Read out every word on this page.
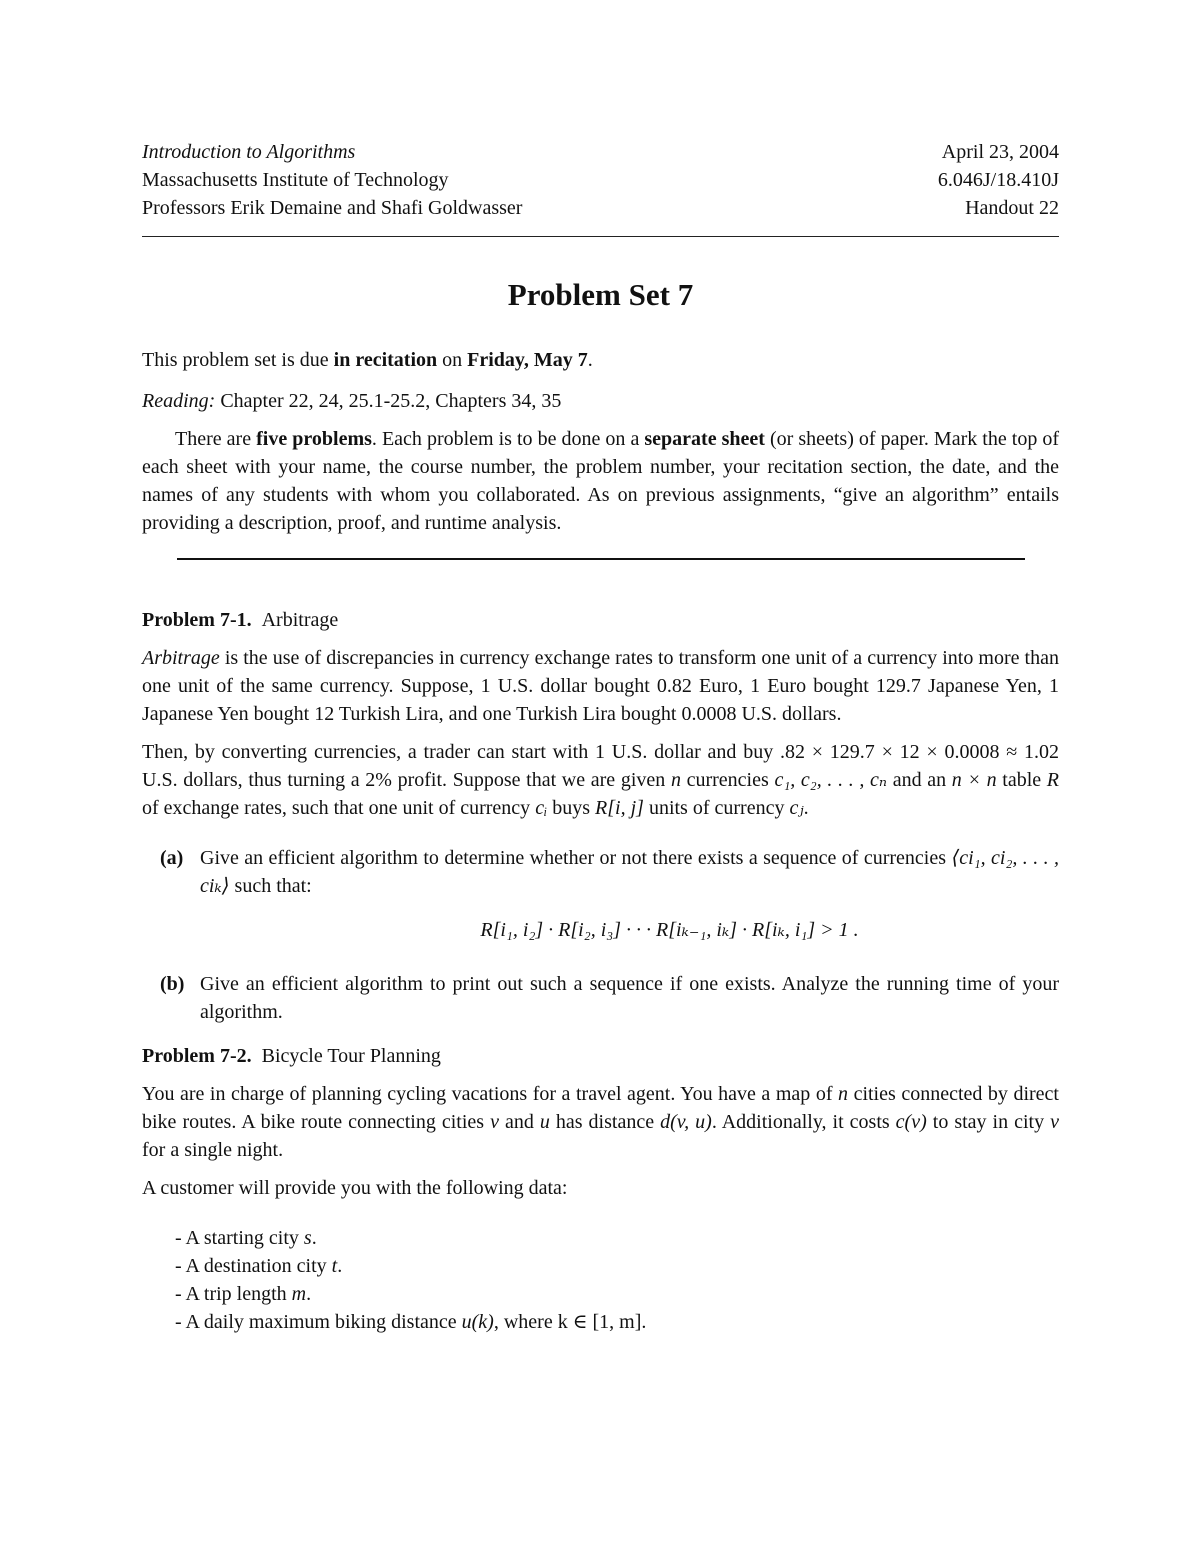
Introduction to Algorithms	April 23, 2004
Massachusetts Institute of Technology	6.046J/18.410J
Professors Erik Demaine and Shafi Goldwasser	Handout 22
Problem Set 7

This problem set is due in recitation on Friday, May 7.

Reading: Chapter 22, 24, 25.1-25.2, Chapters 34, 35

There are five problems. Each problem is to be done on a separate sheet (or sheets) of paper. Mark the top of each sheet with your name, the course number, the problem number, your recitation section, the date, and the names of any students with whom you collaborated. As on previous assignments, “give an algorithm” entails providing a description, proof, and runtime analysis.

Problem 7-1. Arbitrage

Arbitrage is the use of discrepancies in currency exchange rates to transform one unit of a currency into more than one unit of the same currency. Suppose, 1 U.S. dollar bought 0.82 Euro, 1 Euro bought 129.7 Japanese Yen, 1 Japanese Yen bought 12 Turkish Lira, and one Turkish Lira bought 0.0008 U.S. dollars.

Then, by converting currencies, a trader can start with 1 U.S. dollar and buy .82 × 129.7 × 12 × 0.0008 ≈ 1.02 U.S. dollars, thus turning a 2% profit. Suppose that we are given n currencies c₁, c₂, . . . , cₙ and an n × n table R of exchange rates, such that one unit of currency cᵢ buys R[i, j] units of currency cⱼ.

(a) Give an efficient algorithm to determine whether or not there exists a sequence of currencies ⟨ci₁, ci₂, . . . , ciₖ⟩ such that:
R[i₁, i₂] · R[i₂, i₃] · · · R[iₖ₋₁, iₖ] · R[iₖ, i₁] > 1 .
(b) Give an efficient algorithm to print out such a sequence if one exists. Analyze the running time of your algorithm.

Problem 7-2. Bicycle Tour Planning

You are in charge of planning cycling vacations for a travel agent. You have a map of n cities connected by direct bike routes. A bike route connecting cities v and u has distance d(v, u). Additionally, it costs c(v) to stay in city v for a single night.

A customer will provide you with the following data:

- A starting city s.
- A destination city t.
- A trip length m.
- A daily maximum biking distance u(k), where k ∈ [1, m].
